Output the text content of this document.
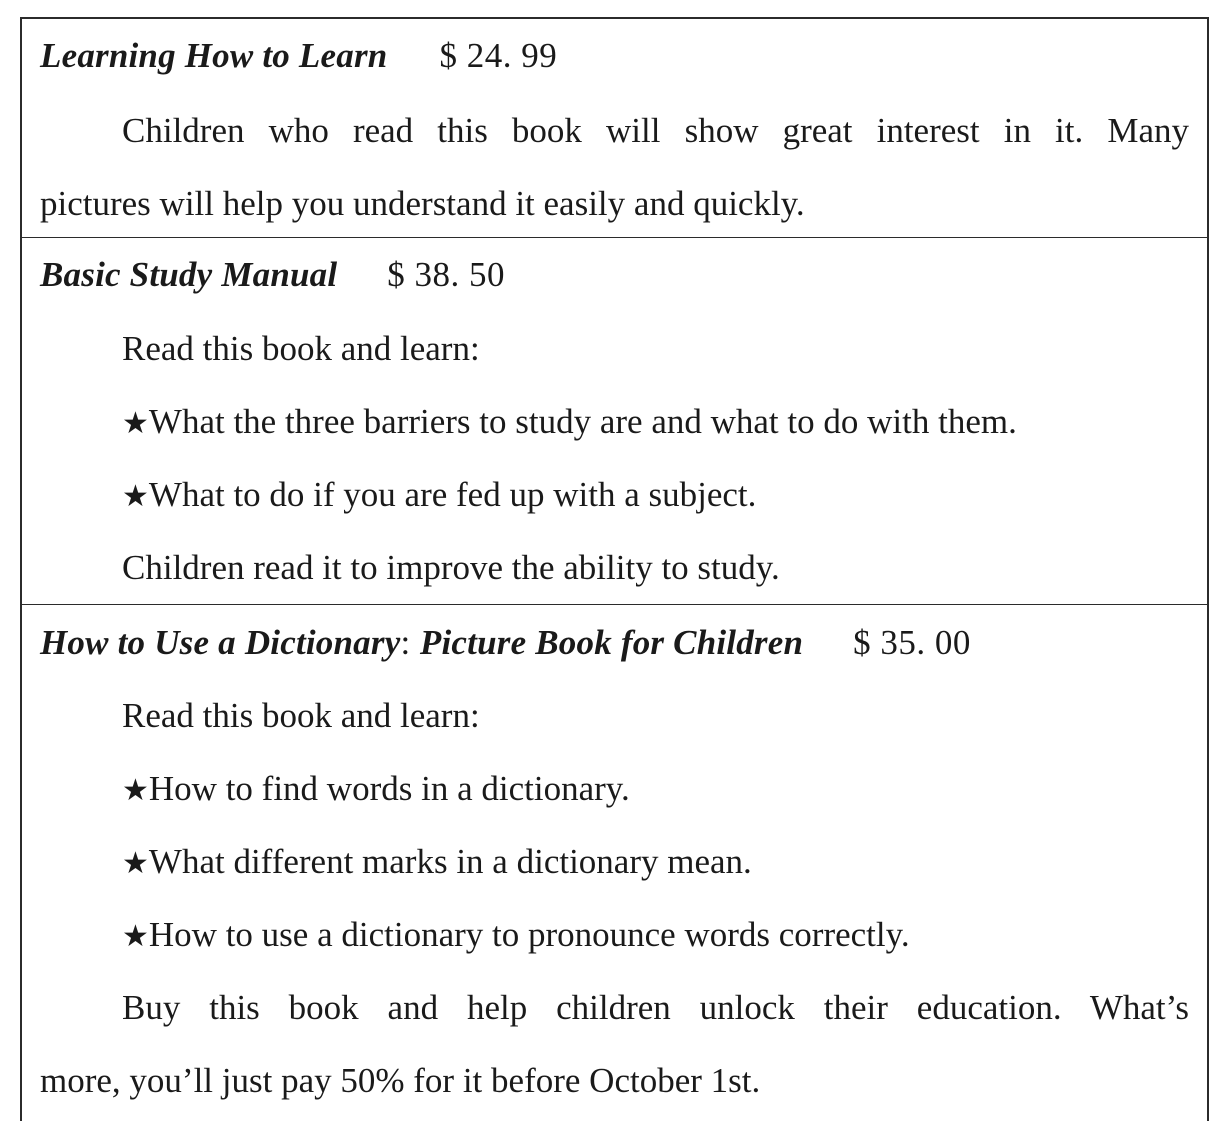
Learning How to Learn $ 24. 99
Children who read this book will show great interest in it. Many
pictures will help you understand it easily and quickly.
Basic Study Manual $ 38. 50
Read this book and learn:
★What the three barriers to study are and what to do with them.
★What to do if you are fed up with a subject.
Children read it to improve the ability to study.
How to Use a Dictionary: Picture Book for Children $ 35. 00
Read this book and learn:
★How to find words in a dictionary.
★What different marks in a dictionary mean.
★How to use a dictionary to pronounce words correctly.
Buy this book and help children unlock their education. What’s
more, you’ll just pay 50% for it before October 1st.
